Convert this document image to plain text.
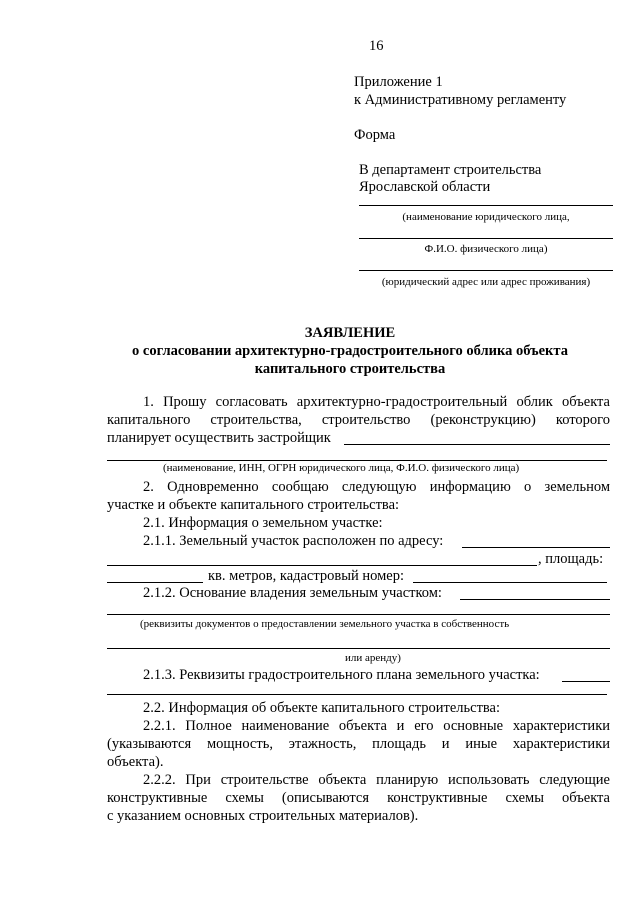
16
Приложение 1
к Административному регламенту
Форма
В департамент строительства
Ярославской области
(наименование юридического лица,
Ф.И.О. физического лица)
(юридический адрес или адрес проживания)
ЗАЯВЛЕНИЕ
о согласовании архитектурно-градостроительного облика объекта
капитального строительства
1. Прошу согласовать архитектурно-градостроительный облик объекта
капитального строительства, строительство (реконструкцию) которого
планирует осуществить застройщик
(наименование, ИНН, ОГРН юридического лица, Ф.И.О. физического лица)
2. Одновременно сообщаю следующую информацию о земельном
участке и объекте капитального строительства:
2.1. Информация о земельном участке:
2.1.1. Земельный участок расположен по адресу:
, площадь:
кв. метров, кадастровый номер:
2.1.2. Основание владения земельным участком:
(реквизиты документов о предоставлении земельного участка в собственность
или аренду)
2.1.3. Реквизиты градостроительного плана земельного участка:
2.2. Информация об объекте капитального строительства:
2.2.1. Полное наименование объекта и его основные характеристики
(указываются мощность, этажность, площадь и иные характеристики
объекта).
2.2.2. При строительстве объекта планирую использовать следующие
конструктивные схемы (описываются конструктивные схемы объекта
с указанием основных строительных материалов).
